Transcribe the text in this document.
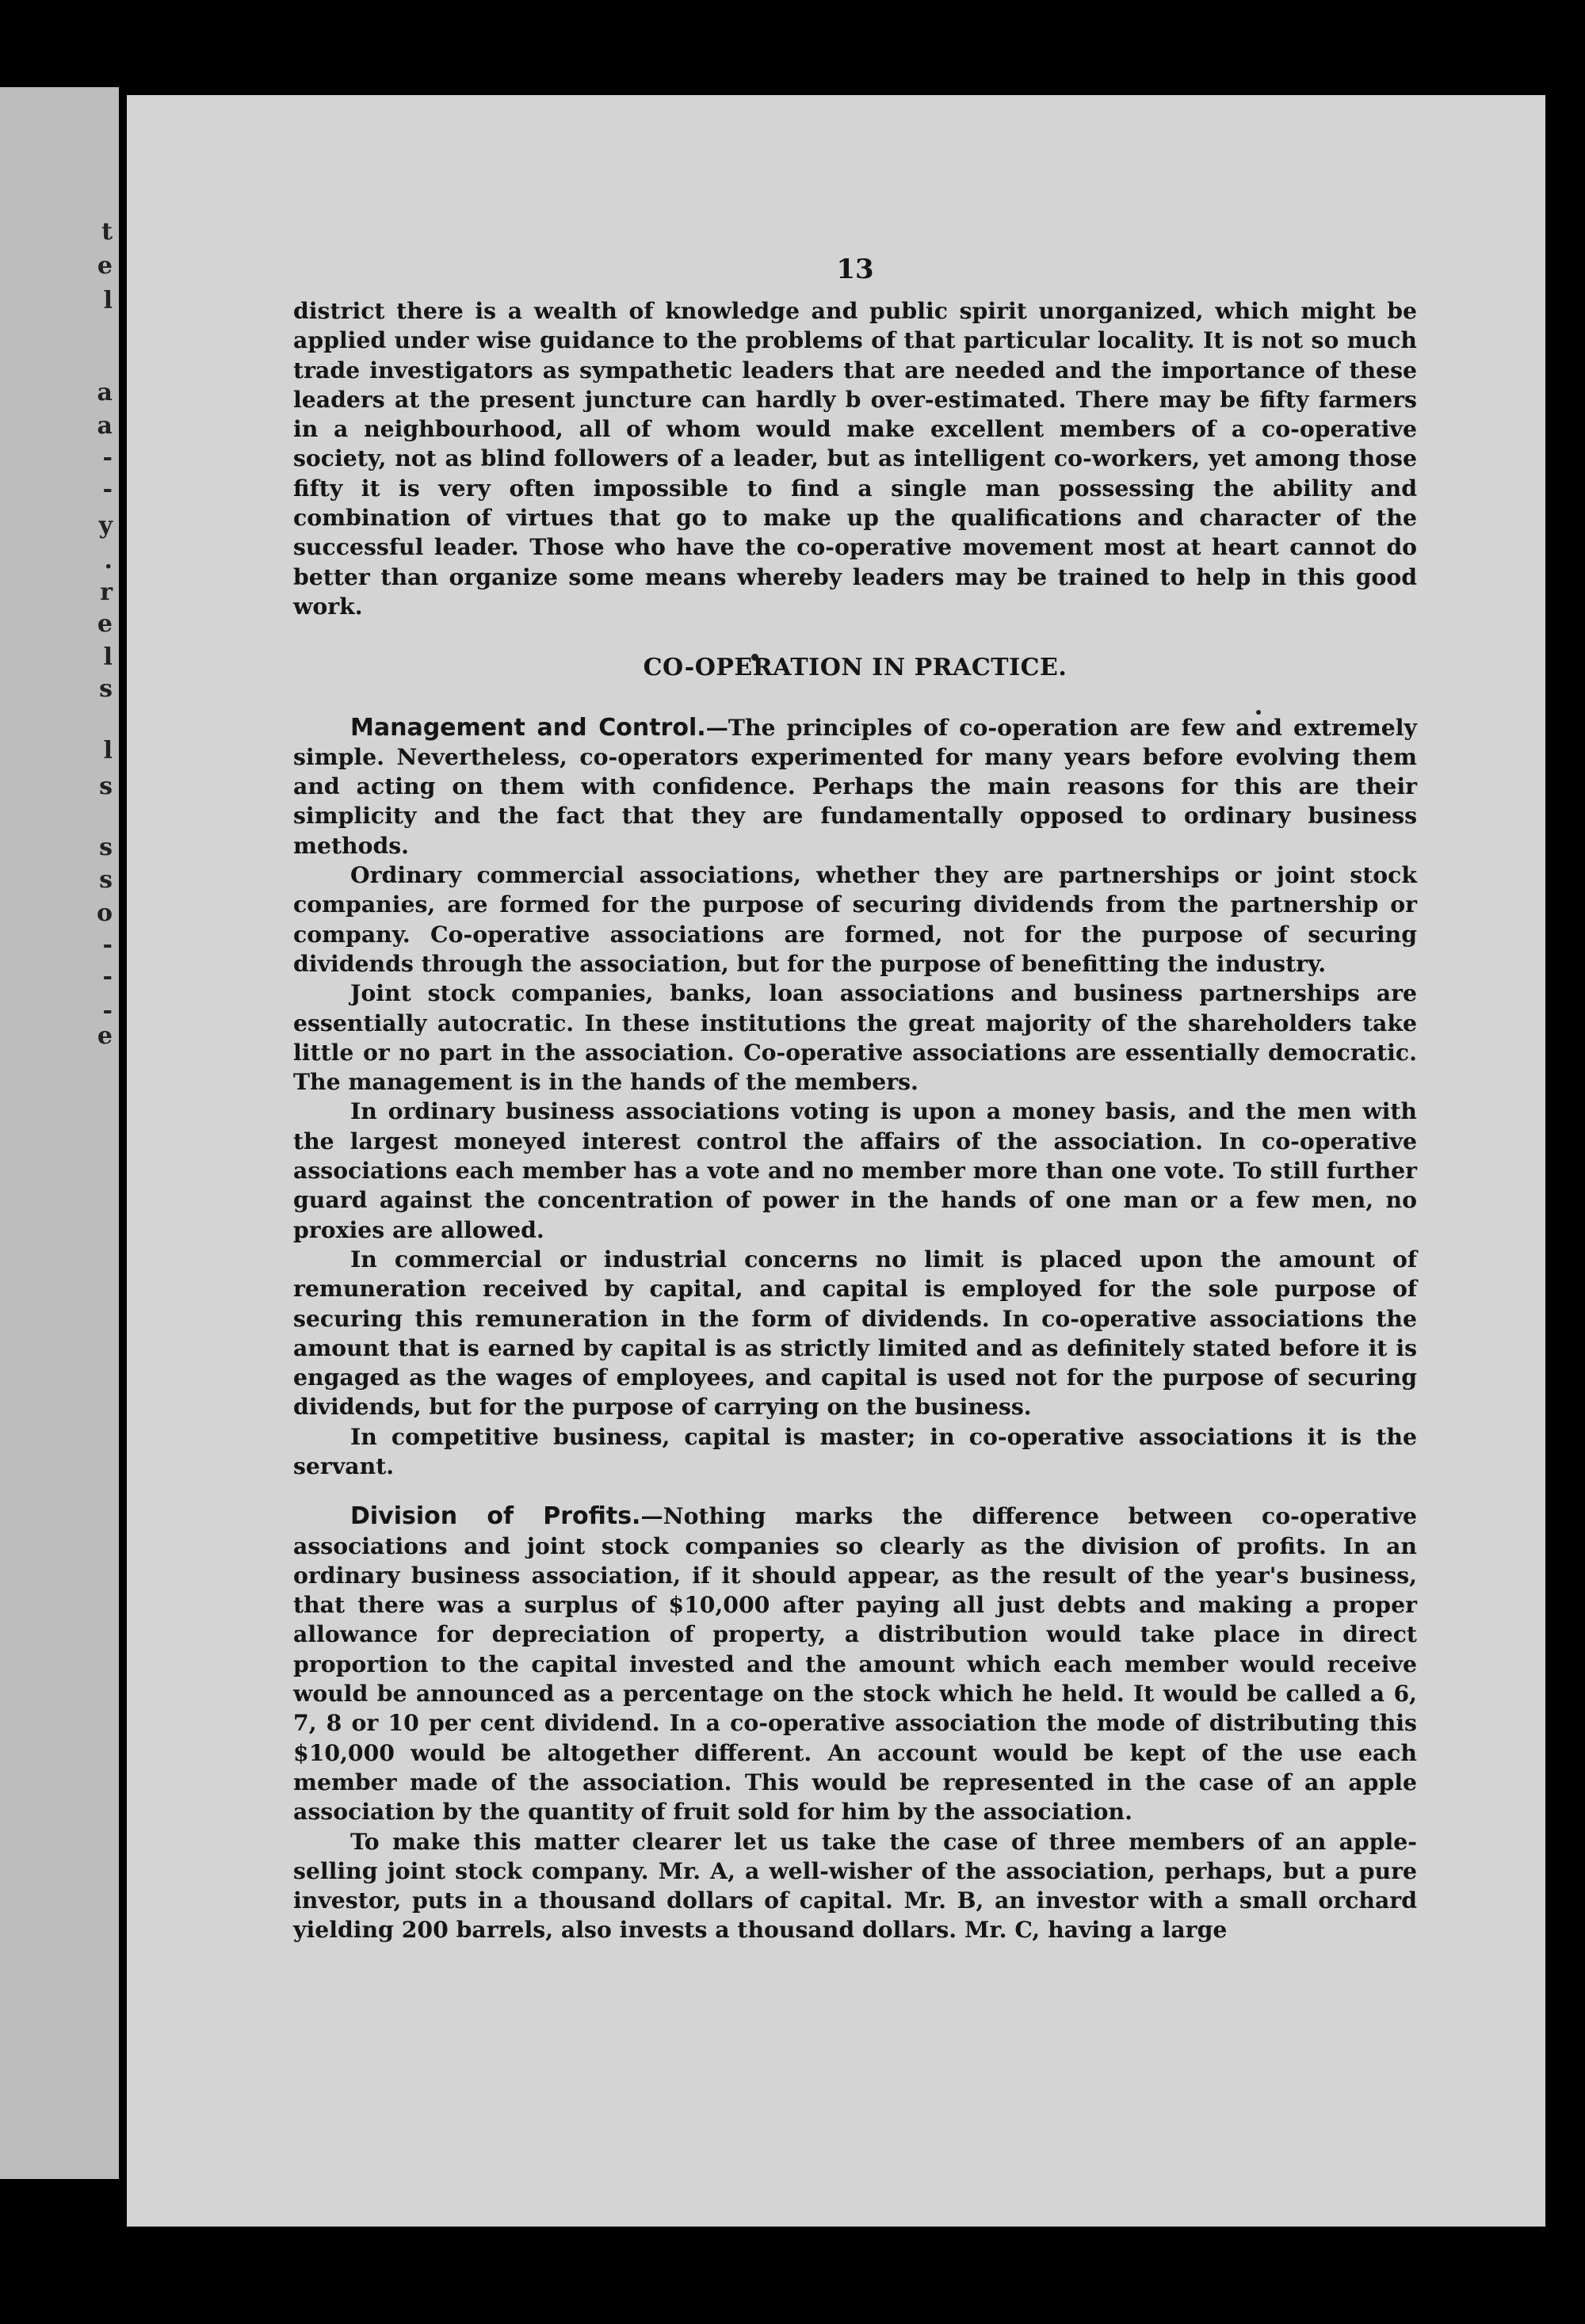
t
e
l
a
a
-
-
y
.
r
e
l
s
l
s
s
s
o
-
-
-
e
13

district there is a wealth of knowledge and public spirit unorganized, which might be applied under wise guidance to the problems of that particular locality. It is not so much trade investigators as sympathetic leaders that are needed and the importance of these leaders at the present juncture can hardly b over-estimated. There may be fifty farmers in a neighbourhood, all of whom would make excellent members of a co-operative society, not as blind followers of a leader, but as intelligent co-workers, yet among those fifty it is very often impossible to find a single man possessing the ability and combination of virtues that go to make up the qualifications and character of the successful leader. Those who have the co-operative movement most at heart cannot do better than organize some means whereby leaders may be trained to help in this good work.

CO-OPERATION IN PRACTICE.

Management and Control.—The principles of co-operation are few and extremely simple. Nevertheless, co-operators experimented for many years before evolving them and acting on them with confidence. Perhaps the main reasons for this are their simplicity and the fact that they are fundamentally opposed to ordinary business methods.

Ordinary commercial associations, whether they are partnerships or joint stock companies, are formed for the purpose of securing dividends from the partnership or company. Co-operative associations are formed, not for the purpose of securing dividends through the association, but for the purpose of benefitting the industry.

Joint stock companies, banks, loan associations and business partnerships are essentially autocratic. In these institutions the great majority of the shareholders take little or no part in the association. Co-operative associations are essentially democratic. The management is in the hands of the members.

In ordinary business associations voting is upon a money basis, and the men with the largest moneyed interest control the affairs of the association. In co-operative associations each member has a vote and no member more than one vote. To still further guard against the concentration of power in the hands of one man or a few men, no proxies are allowed.

In commercial or industrial concerns no limit is placed upon the amount of remuneration received by capital, and capital is employed for the sole purpose of securing this remuneration in the form of dividends. In co-operative associations the amount that is earned by capital is as strictly limited and as definitely stated before it is engaged as the wages of employees, and capital is used not for the purpose of securing dividends, but for the purpose of carrying on the business.

In competitive business, capital is master; in co-operative associations it is the servant.

Division of Profits.—Nothing marks the difference between co-operative associations and joint stock companies so clearly as the division of profits. In an ordinary business association, if it should appear, as the result of the year's business, that there was a surplus of $10,000 after paying all just debts and making a proper allowance for depreciation of property, a distribution would take place in direct proportion to the capital invested and the amount which each member would receive would be announced as a percentage on the stock which he held. It would be called a 6, 7, 8 or 10 per cent dividend. In a co-operative association the mode of distributing this $10,000 would be altogether different. An account would be kept of the use each member made of the association. This would be represented in the case of an apple association by the quantity of fruit sold for him by the association.

To make this matter clearer let us take the case of three members of an apple-selling joint stock company. Mr. A, a well-wisher of the association, perhaps, but a pure investor, puts in a thousand dollars of capital. Mr. B, an investor with a small orchard yielding 200 barrels, also invests a thousand dollars. Mr. C, having a large
